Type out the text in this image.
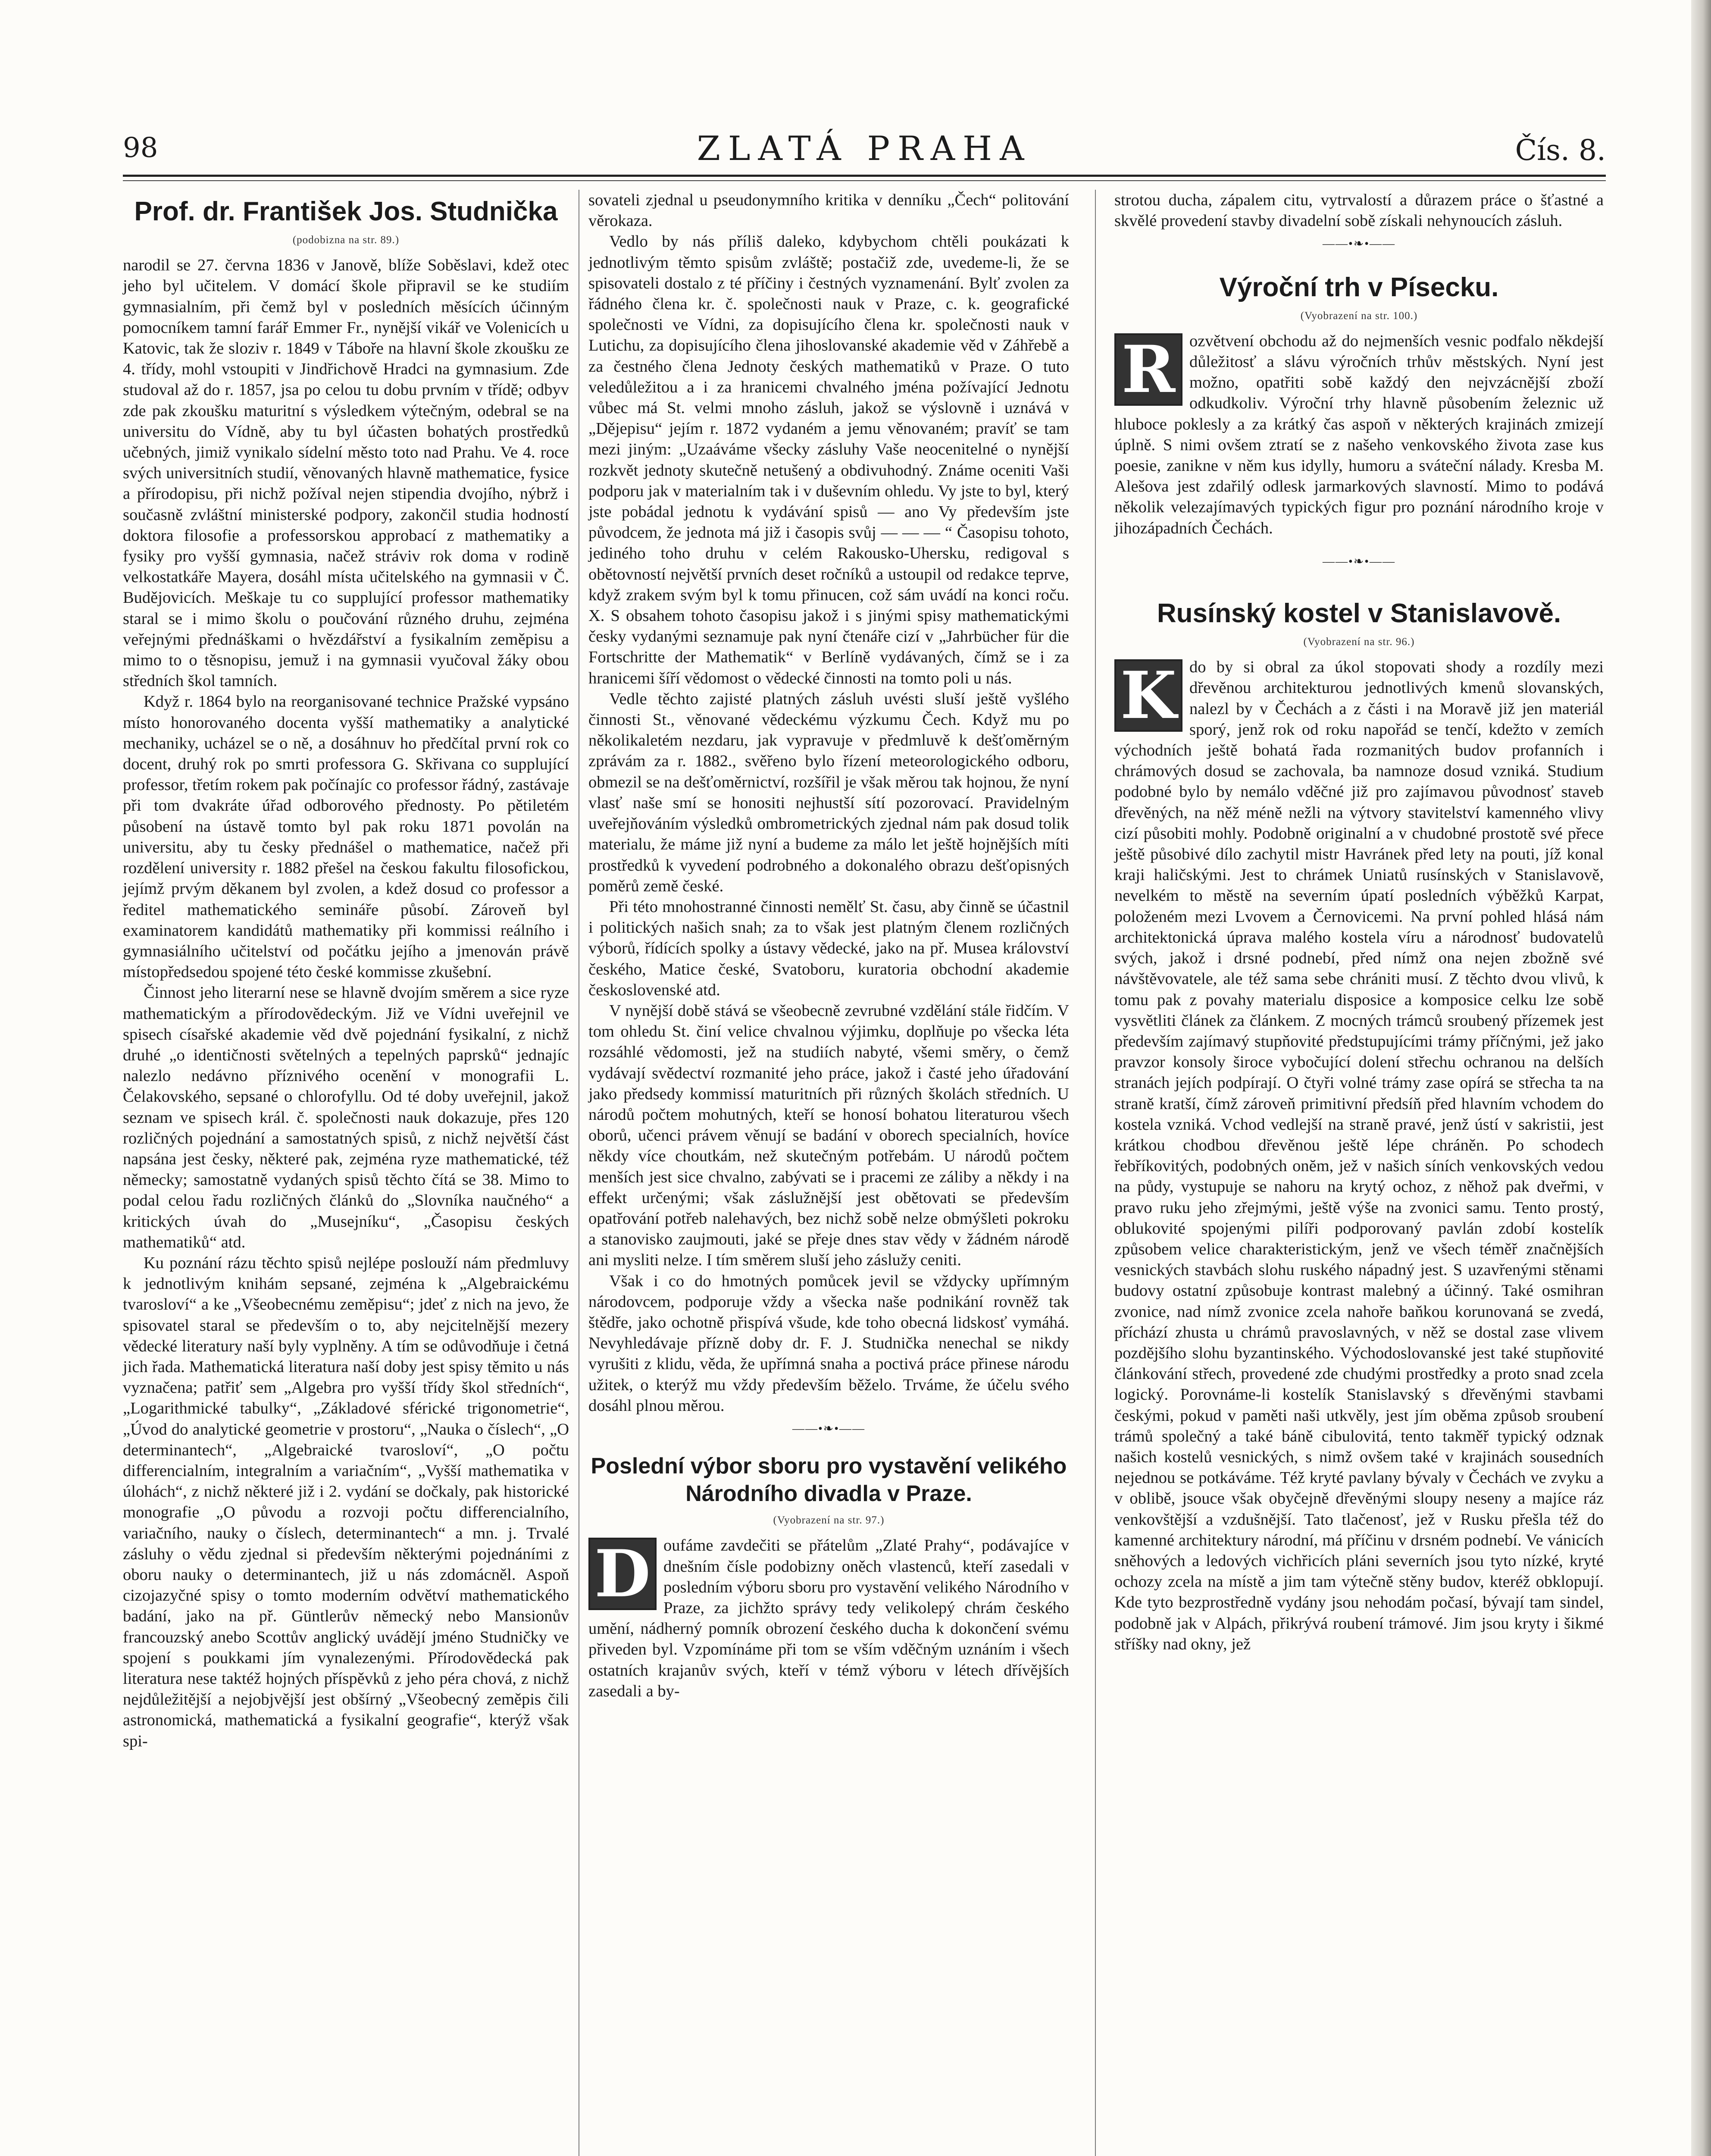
98	ZLATÁ PRAHA	Čís. 8.
Prof. dr. František Jos. Studnička
(podobizna na str. 89.)

narodil se 27. června 1836 v Janově, blíže Soběslavi, kdež otec jeho byl učitelem. V domácí škole připravil se ke studiím gymnasialním, při čemž byl v posledních měsících účinným pomocníkem tamní farář Emmer Fr., nynější vikář ve Volenicích u Katovic, tak že sloziv r. 1849 v Táboře na hlavní škole zkoušku ze 4. třídy, mohl vstoupiti v Jindřichově Hradci na gymnasium. Zde studoval až do r. 1857, jsa po celou tu dobu prvním v třídě; odbyv zde pak zkoušku maturitní s výsledkem výtečným, odebral se na universitu do Vídně, aby tu byl účasten bohatých prostředků učebných, jimiž vynikalo sídelní město toto nad Prahu. Ve 4. roce svých universitních studií, věnovaných hlavně mathematice, fysice a přírodopisu, při nichž požíval nejen stipendia dvojího, nýbrž i současně zvláštní ministerské podpory, zakončil studia hodností doktora filosofie a professorskou approbací z mathematiky a fysiky pro vyšší gymnasia, načež stráviv rok doma v rodině velkostatkáře Mayera, dosáhl místa učitelského na gymnasii v Č. Budějovicích. Meškaje tu co supplující professor mathematiky staral se i mimo školu o poučování různého druhu, zejména veřejnými přednáškami o hvězdářství a fysikalním zeměpisu a mimo to o těsnopisu, jemuž i na gymnasii vyučoval žáky obou středních škol tamních.

Když r. 1864 bylo na reorganisované technice Pražské vypsáno místo honorovaného docenta vyšší mathematiky a analytické mechaniky, ucházel se o ně, a dosáhnuv ho předčítal první rok co docent, druhý rok po smrti professora G. Skřivana co supplující professor, třetím rokem pak počínajíc co professor řádný, zastávaje při tom dvakráte úřad odborového přednosty. Po pětiletém působení na ústavě tomto byl pak roku 1871 povolán na universitu, aby tu česky přednášel o mathematice, načež při rozdělení university r. 1882 přešel na českou fakultu filosofickou, jejímž prvým děkanem byl zvolen, a kdež dosud co professor a ředitel mathematického semináře působí. Zároveň byl examinatorem kandidátů mathematiky při kommissi reálního i gymnasiálního učitelství od počátku jejího a jmenován právě místopředsedou spojené této české kommisse zkušební.

Činnost jeho literarní nese se hlavně dvojím směrem a sice ryze mathematickým a přírodovědeckým. Již ve Vídni uveřejnil ve spisech císařské akademie věd dvě pojednání fysikalní, z nichž druhé „o identičnosti světelných a tepelných paprsků“ jednajíc nalezlo nedávno příznivého ocenění v monografii L. Čelakovského, sepsané o chlorofyllu. Od té doby uveřejnil, jakož seznam ve spisech král. č. společnosti nauk dokazuje, přes 120 rozličných pojednání a samostatných spisů, z nichž největší část napsána jest česky, některé pak, zejména ryze mathematické, též německy; samostatně vydaných spisů těchto čítá se 38. Mimo to podal celou řadu rozličných článků do „Slovníka naučného“ a kritických úvah do „Musejníku“, „Časopisu českých mathematiků“ atd.

Ku poznání rázu těchto spisů nejlépe poslouží nám předmluvy k jednotlivým knihám sepsané, zejména k „Algebraickému tvarosloví“ a ke „Všeobecnému zeměpisu“; jdeť z nich na jevo, že spisovatel staral se především o to, aby nejcitelnější mezery vědecké literatury naší byly vyplněny. A tím se odůvodňuje i četná jich řada. Mathematická literatura naší doby jest spisy těmito u nás vyznačena; patřiť sem „Algebra pro vyšší třídy škol středních“, „Logarithmické tabulky“, „Základové sférické trigonometrie“, „Úvod do analytické geometrie v prostoru“, „Nauka o číslech“, „O determinantech“, „Algebraické tvarosloví“, „O počtu differencialním, integralním a variačním“, „Vyšší mathematika v úlohách“, z nichž některé již i 2. vydání se dočkaly, pak historické monografie „O původu a rozvoji počtu differencialního, variačního, nauky o číslech, determinantech“ a mn. j. Trvalé zásluhy o vědu zjednal si především některými pojednáními z oboru nauky o determinantech, již u nás zdomácněl. Aspoň cizojazyčné spisy o tomto moderním odvětví mathematického badání, jako na př. Güntlerův německý nebo Mansionův francouzský anebo Scottův anglický uvádějí jméno Studničky ve spojení s poukkami jím vynalezenými. Přírodovědecká pak literatura nese taktéž hojných příspěvků z jeho péra chová, z nichž nejdůležitější a nejobjvější jest obšírný „Všeobecný zeměpis čili astronomická, mathematická a fysikalní geografie“, kterýž však spi-

sovateli zjednal u pseudonymního kritika v denníku „Čech“ politování věrokaza.

Vedlo by nás příliš daleko, kdybychom chtěli poukázati k jednotlivým těmto spisům zvláště; postačiž zde, uvedeme-li, že se spisovateli dostalo z té příčiny i čestných vyznamenání. Bylť zvolen za řádného člena kr. č. společnosti nauk v Praze, c. k. geografické společnosti ve Vídni, za dopisujícího člena kr. společnosti nauk v Lutichu, za dopisujícího člena jihoslovanské akademie věd v Záhřebě a za čestného člena Jednoty českých mathematiků v Praze. O tuto veledůležitou a i za hranicemi chvalného jména požívající Jednotu vůbec má St. velmi mnoho zásluh, jakož se výslovně i uznává v „Dějepisu“ jejím r. 1872 vydaném a jemu věnovaném; pravíť se tam mezi jiným: „Uzaáváme všecky zásluhy Vaše neocenitelné o nynější rozkvět jednoty skutečně netušený a obdivuhodný. Známe oceniti Vaši podporu jak v materialním tak i v duševním ohledu. Vy jste to byl, který jste pobádal jednotu k vydávání spisů — ano Vy především jste původcem, že jednota má již i časopis svůj — — — “ Časopisu tohoto, jediného toho druhu v celém Rakousko-Uhersku, redigoval s obětovností největší prvních deset ročníků a ustoupil od redakce teprve, když zrakem svým byl k tomu přinucen, což sám uvádí na konci roču. X. S obsahem tohoto časopisu jakož i s jinými spisy mathematickými česky vydanými seznamuje pak nyní čtenáře cizí v „Jahrbücher für die Fortschritte der Mathematik“ v Berlíně vydávaných, čímž se i za hranicemi šíří vědomost o vědecké činnosti na tomto poli u nás.

Vedle těchto zajisté platných zásluh uvésti sluší ještě vyšlého činnosti St., věnované vědeckému výzkumu Čech. Když mu po několikaletém nezdaru, jak vypravuje v předmluvě k dešťoměrným zprávám za r. 1882., svěřeno bylo řízení meteorologického odboru, obmezil se na dešťoměrnictví, rozšířil je však měrou tak hojnou, že nyní vlasť naše smí se honositi nejhustší sítí pozorovací. Pravidelným uveřejňováním výsledků ombrometrických zjednal nám pak dosud tolik materialu, že máme již nyní a budeme za málo let ještě hojnějších míti prostředků k vyvedení podrobného a dokonalého obrazu dešťopisných poměrů země české.

Při této mnohostranné činnosti nemělť St. času, aby činně se účastnil i politických našich snah; za to však jest platným členem rozličných výborů, řídících spolky a ústavy vědecké, jako na př. Musea království českého, Matice české, Svatoboru, kuratoria obchodní akademie československé atd.

V nynější době stává se všeobecně zevrubné vzdělání stále řidčím. V tom ohledu St. činí velice chvalnou výjimku, doplňuje po všecka léta rozsáhlé vědomosti, jež na studiích nabyté, všemi směry, o čemž vydávají svědectví rozmanité jeho práce, jakož i časté jeho úřadování jako předsedy kommissí maturitních při různých školách středních. U národů počtem mohutných, kteří se honosí bohatou literaturou všech oborů, učenci právem věnují se badání v oborech specialních, hovíce někdy více choutkám, než skutečným potřebám. U národů počtem menších jest sice chvalno, zabývati se i pracemi ze záliby a někdy i na effekt určenými; však záslužnější jest obětovati se především opatřování potřeb nalehavých, bez nichž sobě nelze obmýšleti pokroku a stanovisko zaujmouti, jaké se přeje dnes stav vědy v žádném národě ani mysliti nelze. I tím směrem sluší jeho záslužy ceniti.

Však i co do hmotných pomůcek jevil se vždycky upřímným národovcem, podporuje vždy a všecka naše podnikání rovněž tak štědře, jako ochotně přispívá všude, kde toho obecná lidskosť vymáhá. Nevyhledávaje přízně doby dr. F. J. Studnička nenechal se nikdy vyrušiti z klidu, věda, že upřímná snaha a poctivá práce přinese národu užitek, o kterýž mu vždy především běželo. Trváme, že účelu svého dosáhl plnou měrou.

——•❧•——
Poslední výbor sboru pro vystavění velikého Národního divadla v Praze.
(Vyobrazení na str. 97.)

D oufáme zavdečiti se přátelům „Zlaté Prahy“, podávajíce v dnešním čísle podobizny oněch vlastenců, kteří zasedali v posledním výboru sboru pro vystavění velikého Národního v Praze, za jichžto správy tedy velikolepý chrám českého umění, nádherný pomník obrození českého ducha k dokončení svému přiveden byl. Vzpomínáme při tom se vším vděčným uznáním i všech ostatních krajanův svých, kteří v témž výboru v létech dřívějších zasedali a by-

strotou ducha, zápalem citu, vytrvalostí a důrazem práce o šťastné a skvělé provedení stavby divadelní sobě získali nehynoucích zásluh.

——•❧•——
Výroční trh v Písecku.
(Vyobrazení na str. 100.)

R ozvětvení obchodu až do nejmenších vesnic podfalo někdejší důležitosť a slávu výročních trhův městských. Nyní jest možno, opatřiti sobě každý den nejvzácnější zboží odkudkoliv. Výroční trhy hlavně působením železnic už hluboce poklesly a za krátký čas aspoň v některých krajinách zmizejí úplně. S nimi ovšem ztratí se z našeho venkovského života zase kus poesie, zanikne v něm kus idylly, humoru a sváteční nálady. Kresba M. Alešova jest zdařilý odlesk jarmarkových slavností. Mimo to podává několik velezajímavých typických figur pro poznání národního kroje v jihozápadních Čechách.

——•❧•——
Rusínský kostel v Stanislavově.
(Vyobrazení na str. 96.)

K do by si obral za úkol stopovati shody a rozdíly mezi dřevěnou architekturou jednotlivých kmenů slovanských, nalezl by v Čechách a z části i na Moravě již jen materiál sporý, jenž rok od roku napořád se tenčí, kdežto v zemích východních ještě bohatá řada rozmanitých budov profanních i chrámových dosud se zachovala, ba namnoze dosud vzniká. Studium podobné bylo by nemálo vděčné již pro zajímavou původnosť staveb dřevěných, na něž méně nežli na výtvory stavitelství kamenného vlivy cizí působiti mohly. Podobně originalní a v chudobné prostotě své přece ještě působivé dílo zachytil mistr Havránek před lety na pouti, jíž konal kraji haličskými. Jest to chrámek Uniatů rusínských v Stanislavově, nevelkém to městě na severním úpatí posledních výběžků Karpat, položeném mezi Lvovem a Černovicemi. Na první pohled hlásá nám architektonická úprava malého kostela víru a národnosť budovatelů svých, jakož i drsné podnebí, před nímž ona nejen zbožně své návštěvovatele, ale též sama sebe chrániti musí. Z těchto dvou vlivů, k tomu pak z povahy materialu disposice a komposice celku lze sobě vysvětliti článek za článkem. Z mocných trámců sroubený přízemek jest především zajímavý stupňovité předstupujícími trámy příčnými, jež jako pravzor konsoly široce vybočující dolení střechu ochranou na delších stranách jejích podpírají. O čtyři volné trámy zase opírá se střecha ta na straně kratší, čímž zároveň primitivní předsíň před hlavním vchodem do kostela vzniká. Vchod vedlejší na straně pravé, jenž ústí v sakristii, jest krátkou chodbou dřevěnou ještě lépe chráněn. Po schodech řebříkovitých, podobných onĕm, jež v našich síních venkovských vedou na půdy, vystupuje se nahoru na krytý ochoz, z něhož pak dveřmi, v pravo ruku jeho zřejmými, ještě výše na zvonici samu. Tento prostý, oblukovité spojenými pilíři podporovaný pavlán zdobí kostelík způsobem velice charakteristickým, jenž ve všech téměř značnějších vesnických stavbách slohu ruského nápadný jest. S uzavřenými stěnami budovy ostatní způsobuje kontrast malebný a účinný. Také osmihran zvonice, nad nímž zvonice zcela nahoře baňkou korunovaná se zvedá, příchází zhusta u chrámů pravoslavných, v něž se dostal zase vlivem pozdějšího slohu byzantinského. Východoslovanské jest také stupňovité článkování střech, provedené zde chudými prostředky a proto snad zcela logický. Porovnáme-li kostelík Stanislavský s dřevěnými stavbami českými, pokud v paměti naši utkvěly, jest jím oběma způsob sroubení trámů společný a také báně cibulovitá, tento takměř typický odznak našich kostelů vesnických, s nimž ovšem také v krajinách sousedních nejednou se potkáváme. Též kryté pavlany bývaly v Čechách ve zvyku a v oblibě, jsouce však obyčejně dřevěnými sloupy neseny a majíce ráz venkovštější a vzdušnější. Tato tlačenosť, jež v Rusku přešla též do kamenné architektury národní, má příčinu v drsném podnebí. Ve vánicích sněhových a ledových vichřicích pláni severních jsou tyto nízké, kryté ochozy zcela na místě a jim tam výtečně stěny budov, kteréž obklopují. Kde tyto bezprostředně vydány jsou nehodám počasí, bývají tam sindel, podobně jak v Alpách, přikrývá roubení trámové. Jim jsou kryty i šikmé stříšky nad okny, jež
